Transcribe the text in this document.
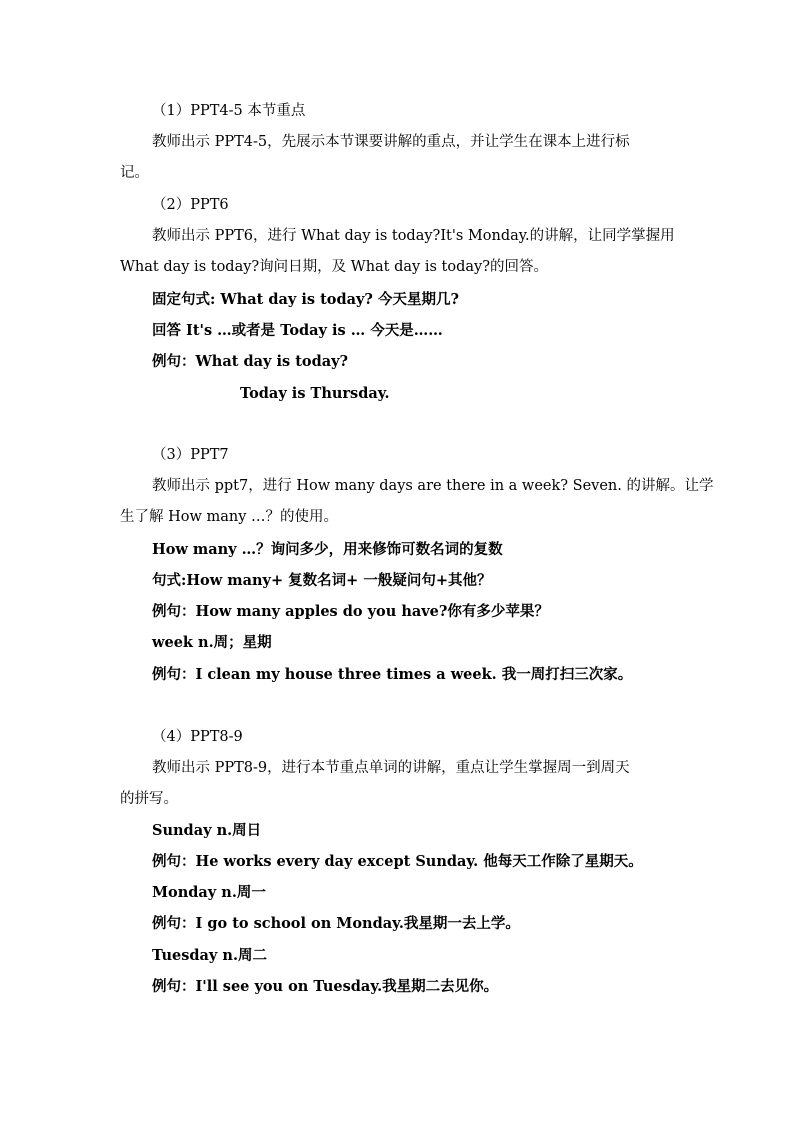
（1）PPT4-5 本节重点
教师出示 PPT4-5，先展示本节课要讲解的重点，并让学生在课本上进行标
记。
（2）PPT6
教师出示 PPT6，进行 What day is today?It's Monday.的讲解，让同学掌握用
What day is today?询问日期，及 What day is today?的回答。
固定句式: What day is today? 今天星期几?
回答 It's …或者是 Today is … 今天是……
例句：What day is today?
Today is Thursday.
（3）PPT7
教师出示 ppt7，进行 How many days are there in a week? Seven. 的讲解。让学
生了解 How many …？的使用。
How many …？询问多少，用来修饰可数名词的复数
句式:How many+ 复数名词+ 一般疑问句+其他？
例句：How many apples do you have?你有多少苹果？
week n.周；星期
例句：I clean my house three times a week. 我一周打扫三次家。
（4）PPT8-9
教师出示 PPT8-9，进行本节重点单词的讲解，重点让学生掌握周一到周天
的拼写。
Sunday n.周日
例句：He works every day except Sunday. 他每天工作除了星期天。
Monday n.周一
例句：I go to school on Monday.我星期一去上学。
Tuesday n.周二
例句：I'll see you on Tuesday.我星期二去见你。
